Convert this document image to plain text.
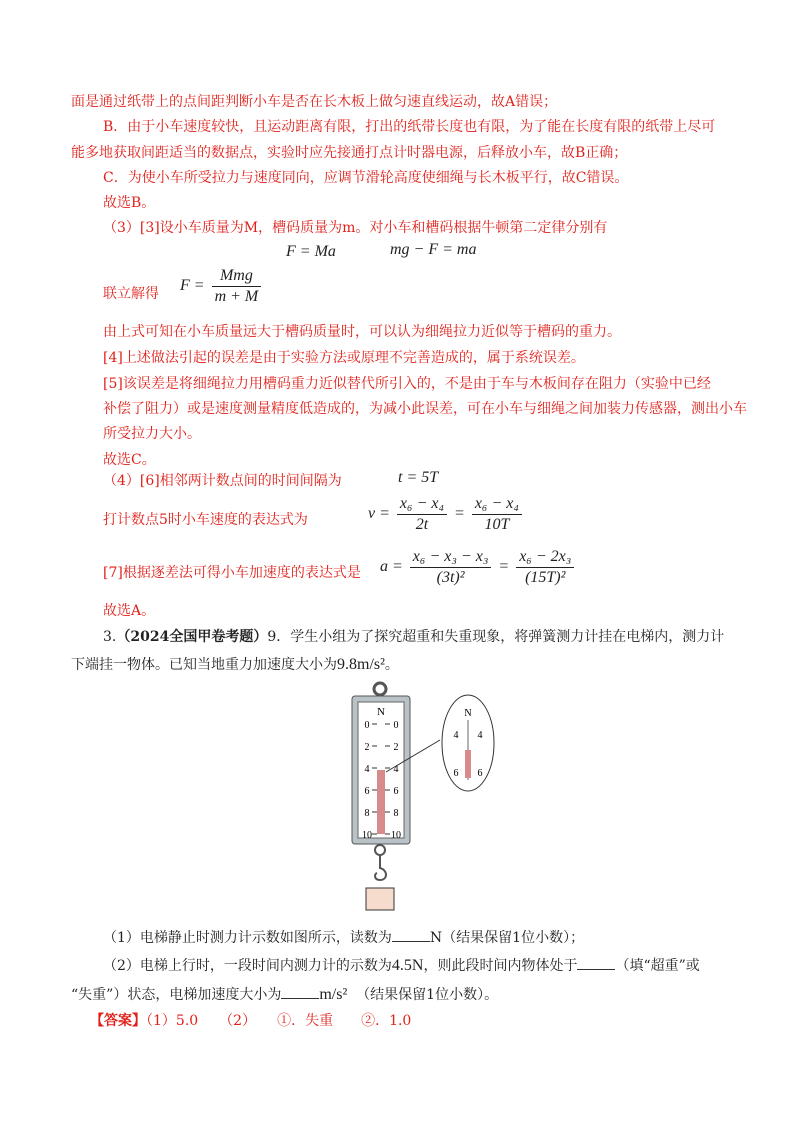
面是通过纸带上的点间距判断小车是否在长木板上做匀速直线运动，故A错误；
B．由于小车速度较快，且运动距离有限，打出的纸带长度也有限，为了能在长度有限的纸带上尽可
能多地获取间距适当的数据点，实验时应先接通打点计时器电源，后释放小车，故B正确；
C．为使小车所受拉力与速度同向，应调节滑轮高度使细绳与长木板平行，故C错误。
故选B。
（3）[3]设小车质量为M，槽码质量为m。对小车和槽码根据牛顿第二定律分别有
F = Ma	mg − F = ma
联立解得 $F = \frac{\text{Mmg}}{m + M}$
由上式可知在小车质量远大于槽码质量时，可以认为细绳拉力近似等于槽码的重力。
[4]上述做法引起的误差是由于实验方法或原理不完善造成的，属于系统误差。
[5]该误差是将细绳拉力用槽码重力近似替代所引入的，不是由于车与木板间存在阻力（实验中已经
补偿了阻力）或是速度测量精度低造成的，为减小此误差，可在小车与细绳之间加装力传感器，测出小车
所受拉力大小。
故选C。
（4）[6]相邻两计数点间的时间间隔为	t = 5T
打计数点5时小车速度的表达式为	$v = \frac{\text{x₆ − x₄}}{2t} = \frac{\text{x₆ − x₄}}{10T}$
[7]根据逐差法可得小车加速度的表达式是 $a = \frac{\text{x₆ − x₃ − x₃}}{\text{(3t)²}} = \frac{\text{x₆ − 2x₃}}{\text{(15T)²}}$
故选A。
3.（2024全国甲卷考题）9．学生小组为了探究超重和失重现象，将弹簧测力计挂在电梯内，测力计
下端挂一物体。已知当地重力加速度大小为9.8m/s²。
N
0
2
4
6
8
10
0
2
4
6
8
10
N
4
6
4
6
（1）电梯静止时测力计示数如图所示，读数为	N（结果保留1位小数）；
（2）电梯上行时，一段时间内测力计的示数为4.5N，则此段时间内物体处于	（填“超重”或
“失重”）状态，电梯加速度大小为 m/s² （结果保留1位小数）。
【答案】（1）5.0　　（2）　　①．失重　　②．1.0
